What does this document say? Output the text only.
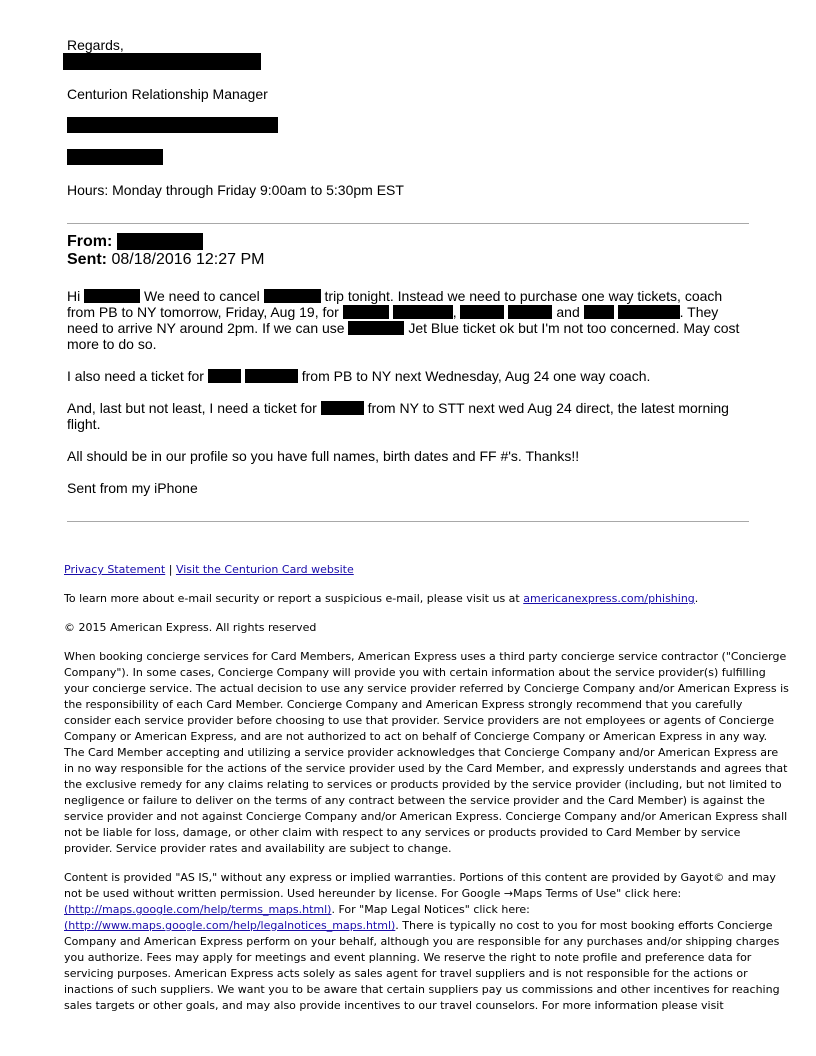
Regards,
Centurion Relationship Manager
Hours: Monday through Friday 9:00am to 5:30pm EST
From:
Sent: 08/18/2016 12:27 PM
Hi	We need to cancel	trip tonight. Instead we need to purchase one way tickets, coach
from PB to NY tomorrow, Friday, Aug 19, for	,	and	. They
need to arrive NY around 2pm. If we can use	Jet Blue ticket ok but I'm not too concerned. May cost
more to do so.
I also need a ticket for	from PB to NY next Wednesday, Aug 24 one way coach.
And, last but not least, I need a ticket for	from NY to STT next wed Aug 24 direct, the latest morning
flight.
All should be in our profile so you have full names, birth dates and FF #'s. Thanks!!
Sent from my iPhone
Privacy Statement | Visit the Centurion Card website
To learn more about e-mail security or report a suspicious e-mail, please visit us at americanexpress.com/phishing.
© 2015 American Express. All rights reserved
When booking concierge services for Card Members, American Express uses a third party concierge service contractor ("Concierge
Company"). In some cases, Concierge Company will provide you with certain information about the service provider(s) fulfilling
your concierge service. The actual decision to use any service provider referred by Concierge Company and/or American Express is
the responsibility of each Card Member. Concierge Company and American Express strongly recommend that you carefully
consider each service provider before choosing to use that provider. Service providers are not employees or agents of Concierge
Company or American Express, and are not authorized to act on behalf of Concierge Company or American Express in any way.
The Card Member accepting and utilizing a service provider acknowledges that Concierge Company and/or American Express are
in no way responsible for the actions of the service provider used by the Card Member, and expressly understands and agrees that
the exclusive remedy for any claims relating to services or products provided by the service provider (including, but not limited to
negligence or failure to deliver on the terms of any contract between the service provider and the Card Member) is against the
service provider and not against Concierge Company and/or American Express. Concierge Company and/or American Express shall
not be liable for loss, damage, or other claim with respect to any services or products provided to Card Member by service
provider. Service provider rates and availability are subject to change.
Content is provided "AS IS," without any express or implied warranties. Portions of this content are provided by Gayot© and may
not be used without written permission. Used hereunder by license. For Google →Maps Terms of Use" click here:
(http://maps.google.com/help/terms_maps.html). For "Map Legal Notices" click here:
(http://www.maps.google.com/help/legalnotices_maps.html). There is typically no cost to you for most booking efforts Concierge
Company and American Express perform on your behalf, although you are responsible for any purchases and/or shipping charges
you authorize. Fees may apply for meetings and event planning. We reserve the right to note profile and preference data for
servicing purposes. American Express acts solely as sales agent for travel suppliers and is not responsible for the actions or
inactions of such suppliers. We want you to be aware that certain suppliers pay us commissions and other incentives for reaching
sales targets or other goals, and may also provide incentives to our travel counselors. For more information please visit
